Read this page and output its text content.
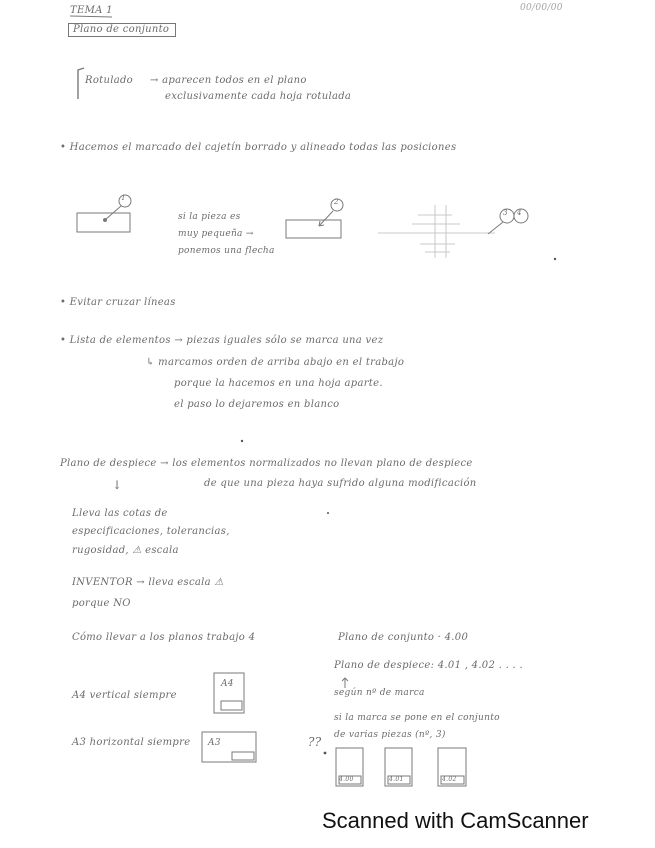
TEMA 1	00/00/00
Plano de conjunto
Rotulado → aparecen todos en el plano
exclusivamente cada hoja rotulada
• Hacemos el marcado del cajetín borrado y alineado todas las posiciones
1	2
3 4
si la pieza es
muy pequeña →
ponemos una flecha
• Evitar cruzar líneas
• Lista de elementos → piezas iguales sólo se marca una vez
↳ marcamos orden de arriba abajo en el trabajo
porque la hacemos en una hoja aparte.
el paso lo dejaremos en blanco
Plano de despiece → los elementos normalizados no llevan plano de despiece
↓	de que una pieza haya sufrido alguna modificación
Lleva las cotas de
especificaciones, tolerancias,
rugosidad, ⚠ escala
INVENTOR → lleva escala ⚠
porque NO
Cómo llevar a los planos trabajo 4	Plano de conjunto · 4.00
Plano de despiece: 4.01 , 4.02 . . . .
según nº de marca
A4 vertical siempre
A4
si la marca se pone en el conjunto
de varias piezas (nº, 3)
A3 horizontal siempre A3	??
4.00	4.01	4.02
Scanned with CamScanner
